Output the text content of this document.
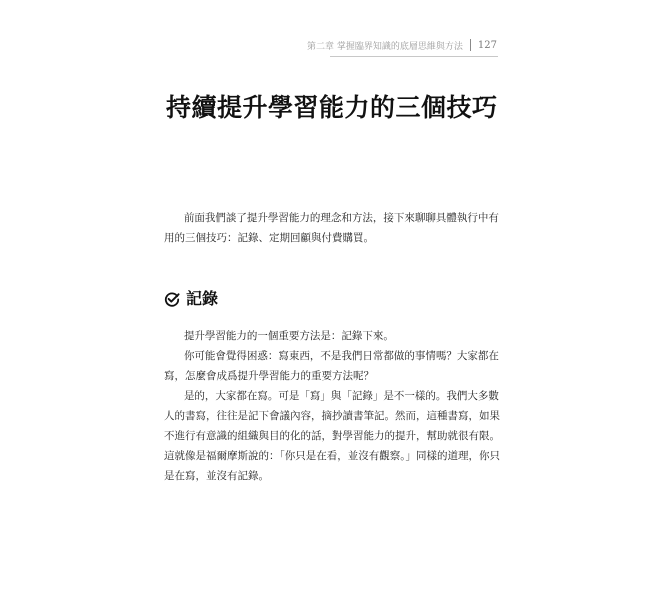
第二章 掌握臨界知識的底層思維與方法 127
持續提升學習能力的三個技巧

前面我們談了提升學習能力的理念和方法，接下來聊聊具體執行中有用的三個技巧：記錄、定期回顧與付費購買。

記錄

提升學習能力的一個重要方法是：記錄下來。

你可能會覺得困惑：寫東西，不是我們日常都做的事情嗎？大家都在寫，怎麼會成爲提升學習能力的重要方法呢？

是的，大家都在寫。可是「寫」與「記錄」是不一樣的。我們大多數人的書寫，往往是記下會議內容，摘抄讀書筆記。然而，這種書寫，如果不進行有意識的組織與目的化的話，對學習能力的提升，幫助就很有限。這就像是福爾摩斯說的：「你只是在看，並沒有觀察。」同樣的道理，你只是在寫，並沒有記錄。
